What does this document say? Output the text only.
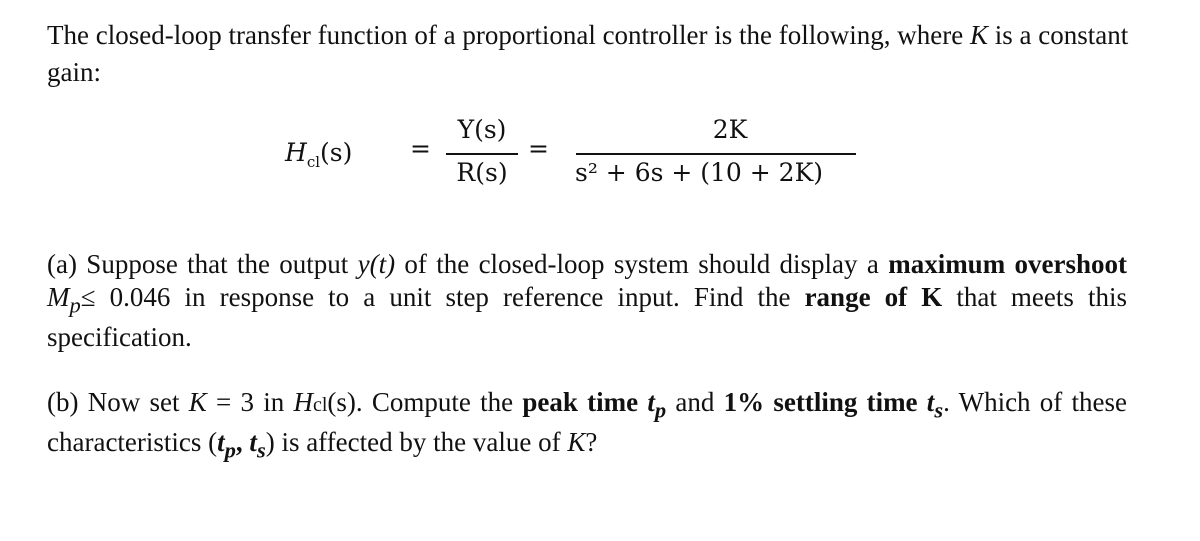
The closed-loop transfer function of a proportional controller is the following, where K is a constant gain:
$H_{cl}(s)$ =
Y(s)
R(s)
=
2K
s² + 6s + (10 + 2K)
(a) Suppose that the output y(t) of the closed-loop system should display a maximum overshoot $M_p\le 0.046$ in response to a unit step reference input. Find the range of K that meets this specification.
(b) Now set K = 3 in Hcl(s). Compute the peak time $t_p$ and 1% settling time $t_s$. Which of these characteristics ($t_p$, $t_s$) is affected by the value of K?
